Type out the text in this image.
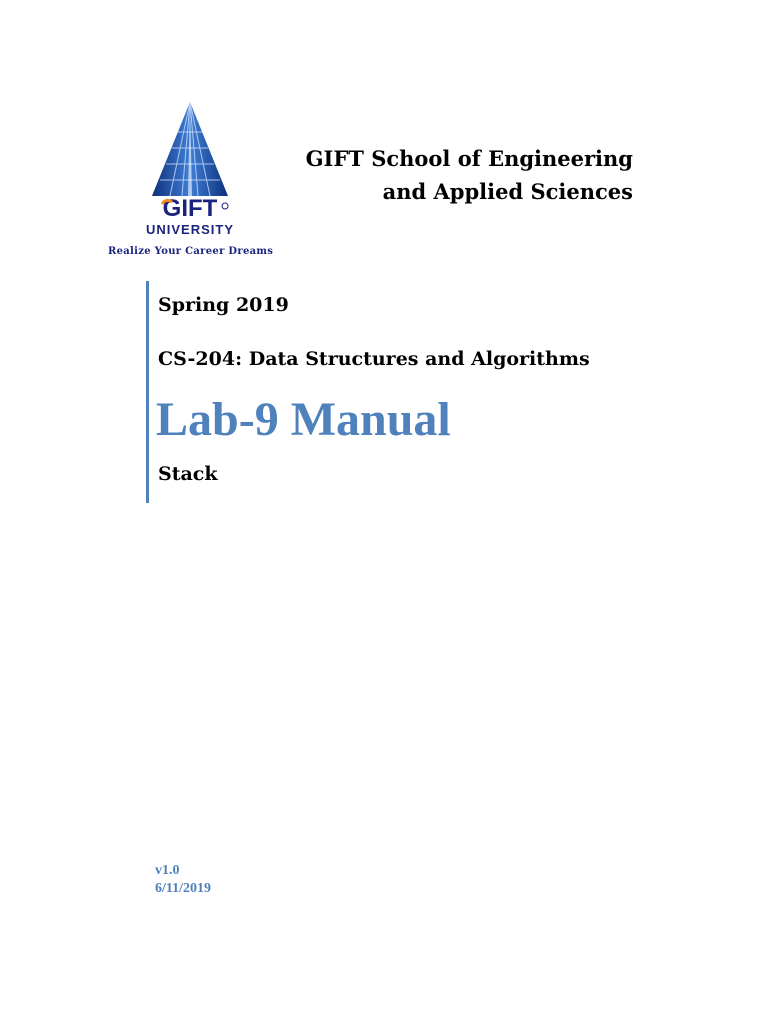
GIFT
UNIVERSITY
Realize Your Career Dreams
GIFT School of Engineering
and Applied Sciences
Spring 2019
CS-204: Data Structures and Algorithms
Lab-9 Manual
Stack
v1.0
6/11/2019
